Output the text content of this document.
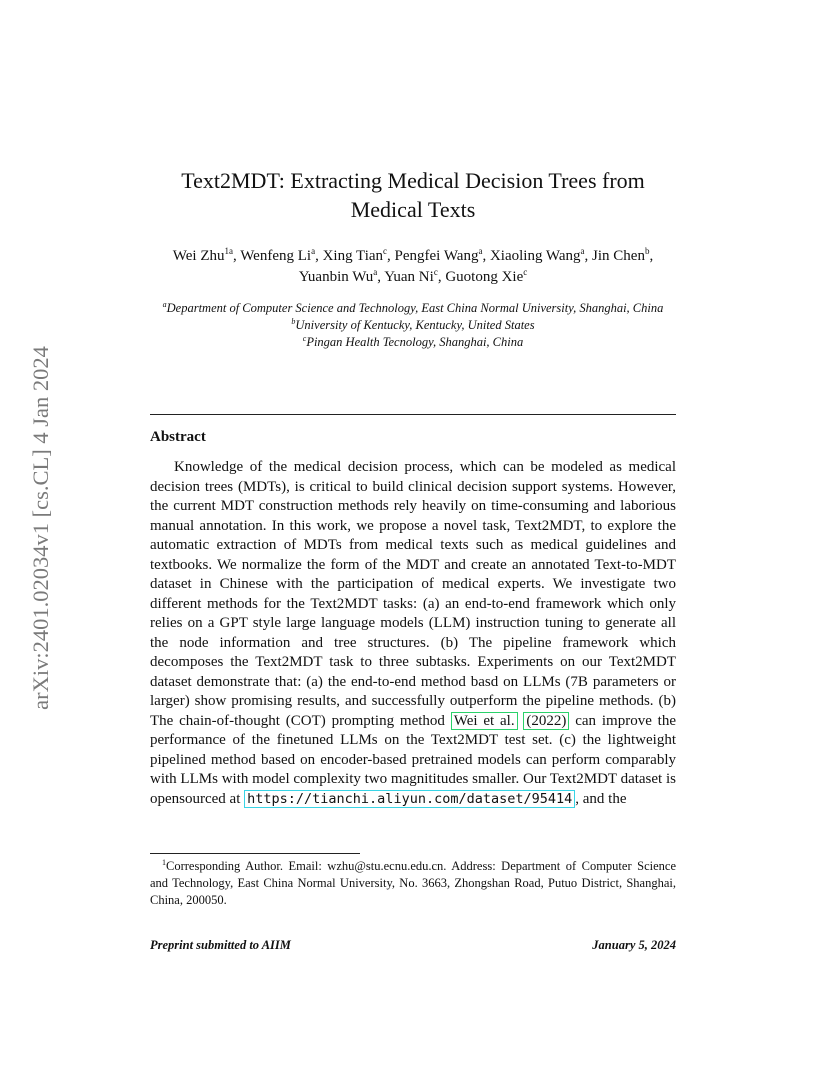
arXiv:2401.02034v1 [cs.CL] 4 Jan 2024
Text2MDT: Extracting Medical Decision Trees from
Medical Texts
Wei Zhu$^{1a}$, Wenfeng Li$^a$, Xing Tian$^c$, Pengfei Wang$^a$, Xiaoling Wang$^a$, Jin Chen$^b$, Yuanbin Wu$^a$, Yuan Ni$^c$, Guotong Xie$^c$
$^a$Department of Computer Science and Technology, East China Normal University, Shanghai, China
$^b$University of Kentucky, Kentucky, United States
$^c$Pingan Health Tecnology, Shanghai, China
Abstract
Knowledge of the medical decision process, which can be modeled as medical decision trees (MDTs), is critical to build clinical decision support systems. However, the current MDT construction methods rely heavily on time-consuming and laborious manual annotation. In this work, we propose a novel task, Text2MDT, to explore the automatic extraction of MDTs from medical texts such as medical guidelines and textbooks. We normalize the form of the MDT and create an annotated Text-to-MDT dataset in Chinese with the participation of medical experts. We investigate two different methods for the Text2MDT tasks: (a) an end-to-end framework which only relies on a GPT style large language models (LLM) instruction tuning to generate all the node information and tree structures. (b) The pipeline framework which decomposes the Text2MDT task to three subtasks. Experiments on our Text2MDT dataset demonstrate that: (a) the end-to-end method basd on LLMs (7B parameters or larger) show promising results, and successfully outperform the pipeline methods. (b) The chain-of-thought (COT) prompting method Wei et al. (2022) can improve the performance of the finetuned LLMs on the Text2MDT test set. (c) the lightweight pipelined method based on encoder-based pretrained models can perform comparably with LLMs with model complexity two magnititudes smaller. Our Text2MDT dataset is opensourced at https://tianchi.aliyun.com/dataset/95414 , and the
$^1$Corresponding Author. Email: wzhu@stu.ecnu.edu.cn. Address: Department of Computer Science and Technology, East China Normal University, No. 3663, Zhongshan Road, Putuo District, Shanghai, China, 200050.
Preprint submitted to AIIM	January 5, 2024
